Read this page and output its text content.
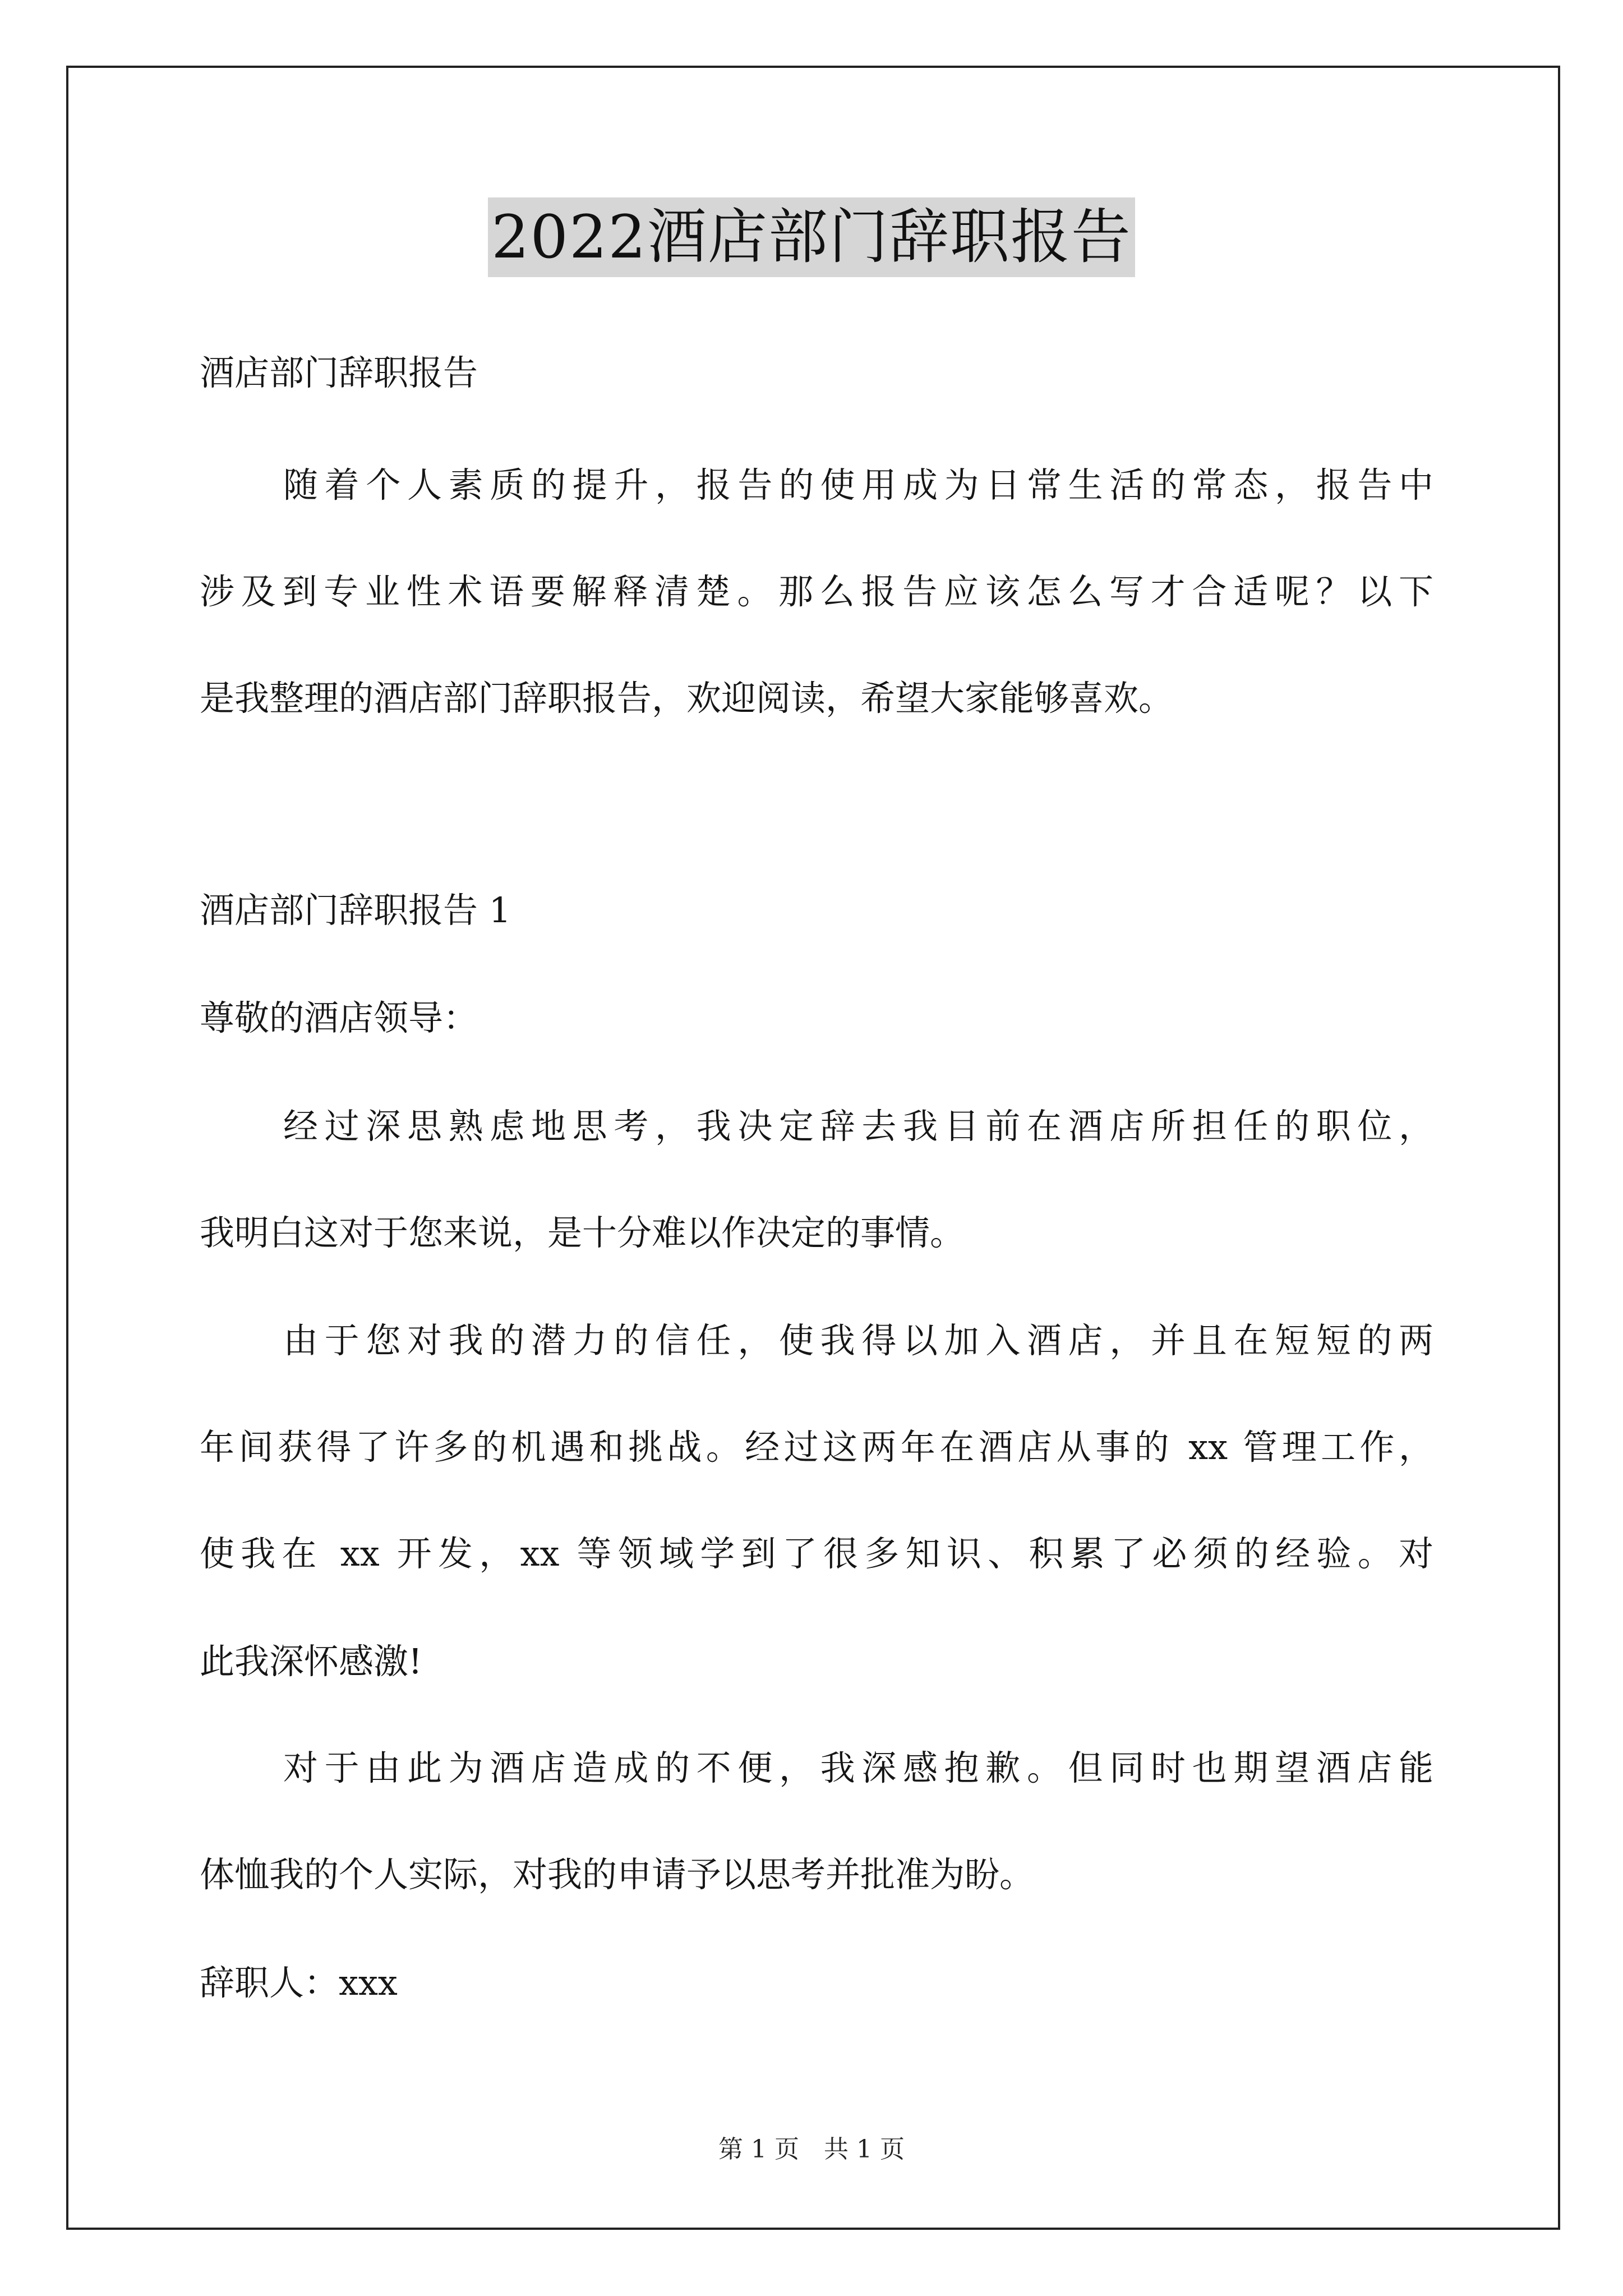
2022酒店部门辞职报告
酒店部门辞职报告
随着个人素质的提升，报告的使用成为日常生活的常态，报告中
涉及到专业性术语要解释清楚。那么报告应该怎么写才合适呢？以下
是我整理的酒店部门辞职报告，欢迎阅读，希望大家能够喜欢。
酒店部门辞职报告 1
尊敬的酒店领导：
经过深思熟虑地思考，我决定辞去我目前在酒店所担任的职位，
我明白这对于您来说，是十分难以作决定的事情。
由于您对我的潜力的信任，使我得以加入酒店，并且在短短的两
年间获得了许多的机遇和挑战。经过这两年在酒店从事的 xx 管理工作，
使我在 xx 开发，xx 等领域学到了很多知识、积累了必须的经验。对
此我深怀感激!
对于由此为酒店造成的不便，我深感抱歉。但同时也期望酒店能
体恤我的个人实际，对我的申请予以思考并批准为盼。
辞职人：xxx
第 1 页 共 1 页
